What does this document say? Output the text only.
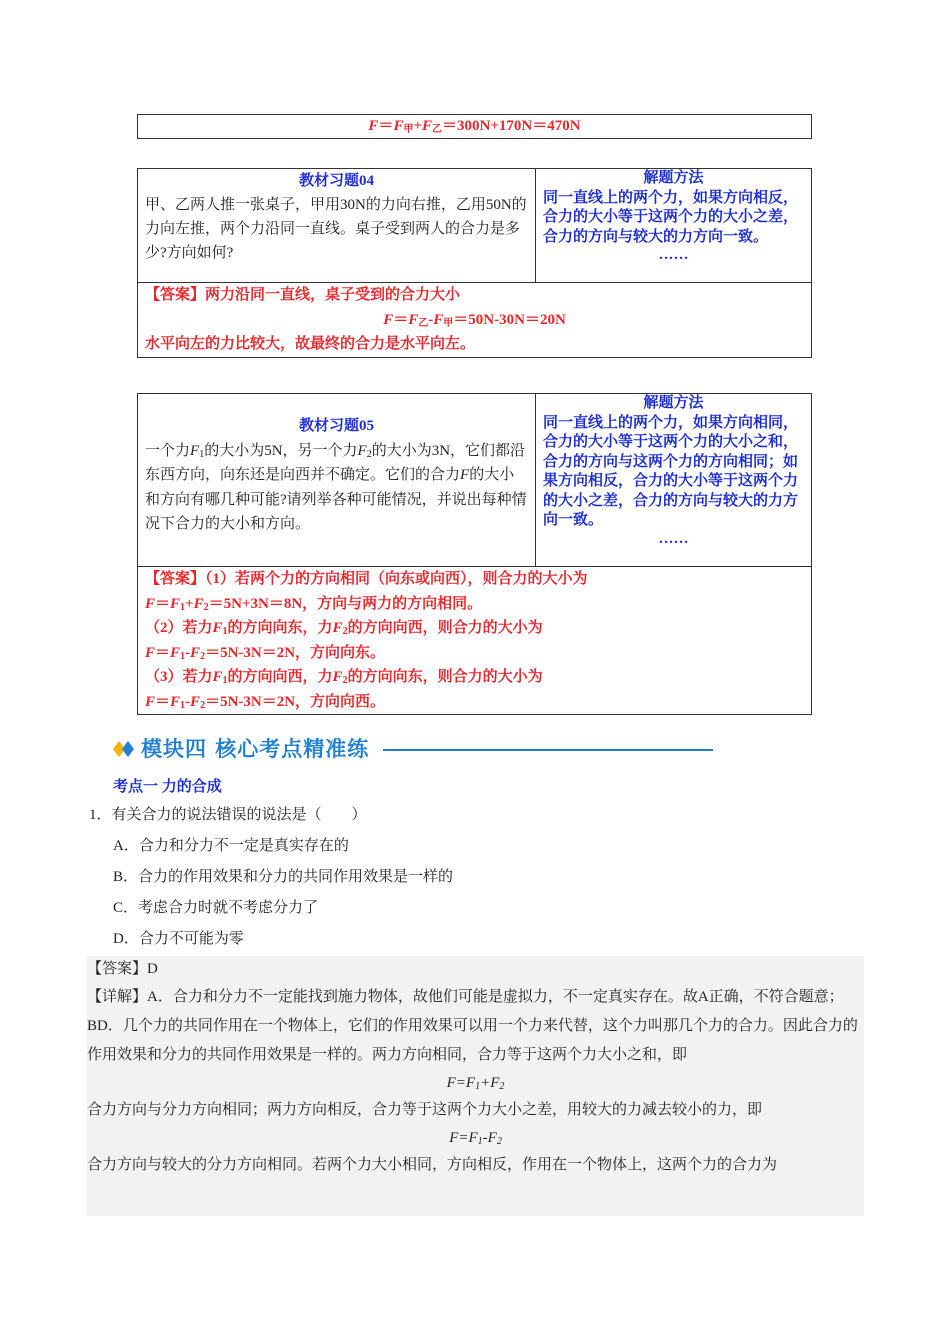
$F=F_甲+F_乙=300N+170N=470N$
教材习题04
甲、乙两人推一张桌子，甲用30N的力向右推，乙用50N的力向左推，两个力沿同一直线。桌子受到两人的合力是多少?方向如何?

解题方法
同一直线上的两个力，如果方向相反，合力的大小等于这两个力的大小之差，合力的方向与较大的力方向一致。
……

【答案】两力沿同一直线，桌子受到的合力大小
$F=F_乙-F_甲=50N-30N=20N$
水平向左的力比较大，故最终的合力是水平向左。
教材习题05
一个力$F_1$的大小为5N，另一个力$F_2$的大小为3N，它们都沿东西方向，向东还是向西并不确定。它们的合力F的大小和方向有哪几种可能?请列举各种可能情况，并说出每种情况下合力的大小和方向。

解题方法
同一直线上的两个力，如果方向相同，合力的大小等于这两个力的大小之和，合力的方向与这两个力的方向相同；如果方向相反，合力的大小等于这两个力的大小之差，合力的方向与较大的力方向一致。
……

【答案】（1）若两个力的方向相同（向东或向西），则合力的大小为
$F=F_1+F_2=5N+3N=8N$，方向与两力的方向相同。
（2）若力$F_1$的方向向东，力$F_2$的方向向西，则合力的大小为
$F=F_1-F_2=5N-3N=2N$，方向向东。
（3）若力$F_1$的方向向西，力$F_2$的方向向东，则合力的大小为
$F=F_1-F_2=5N-3N=2N$，方向向西。
模块四 核心考点精准练
考点一 力的合成
1．有关合力的说法错误的说法是（　　）
A．合力和分力不一定是真实存在的
B．合力的作用效果和分力的共同作用效果是一样的
C．考虑合力时就不考虑分力了
D．合力不可能为零

【答案】D

【详解】A．合力和分力不一定能找到施力物体，故他们可能是虚拟力，不一定真实存在。故A正确，不符合题意；

BD．几个力的共同作用在一个物体上，它们的作用效果可以用一个力来代替，这个力叫那几个力的合力。因此合力的作用效果和分力的共同作用效果是一样的。两力方向相同，合力等于这两个力大小之和，即

$F=F_1+F_2$

合力方向与分力方向相同；两力方向相反，合力等于这两个力大小之差，用较大的力减去较小的力，即

$F=F_1-F_2$

合力方向与较大的分力方向相同。若两个力大小相同，方向相反，作用在一个物体上，这两个力的合力为
